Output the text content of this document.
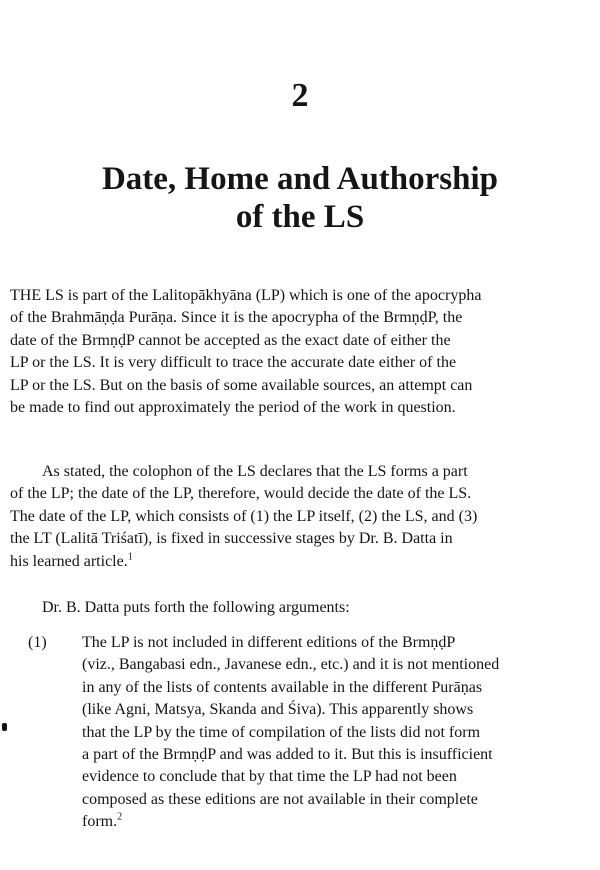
2
Date, Home and Authorship
of the LS
THE LS is part of the Lalitopākhyāna (LP) which is one of the apocrypha
of the Brahmāṇḍa Purāṇa. Since it is the apocrypha of the BrmṇḍP, the
date of the BrmṇḍP cannot be accepted as the exact date of either the
LP or the LS. It is very difficult to trace the accurate date either of the
LP or the LS. But on the basis of some available sources, an attempt can
be made to find out approximately the period of the work in question.
As stated, the colophon of the LS declares that the LS forms a part
of the LP; the date of the LP, therefore, would decide the date of the LS.
The date of the LP, which consists of (1) the LP itself, (2) the LS, and (3)
the LT (Lalitā Triśatī), is fixed in successive stages by Dr. B. Datta in
his learned article.$^1$
Dr. B. Datta puts forth the following arguments:
(1)	The LP is not included in different editions of the BrmṇḍP
(viz., Bangabasi edn., Javanese edn., etc.) and it is not mentioned
in any of the lists of contents available in the different Purāṇas
(like Agni, Matsya, Skanda and Śiva). This apparently shows
that the LP by the time of compilation of the lists did not form
a part of the BrmṇḍP and was added to it. But this is insufficient
evidence to conclude that by that time the LP had not been
composed as these editions are not available in their complete
form.$^2$
